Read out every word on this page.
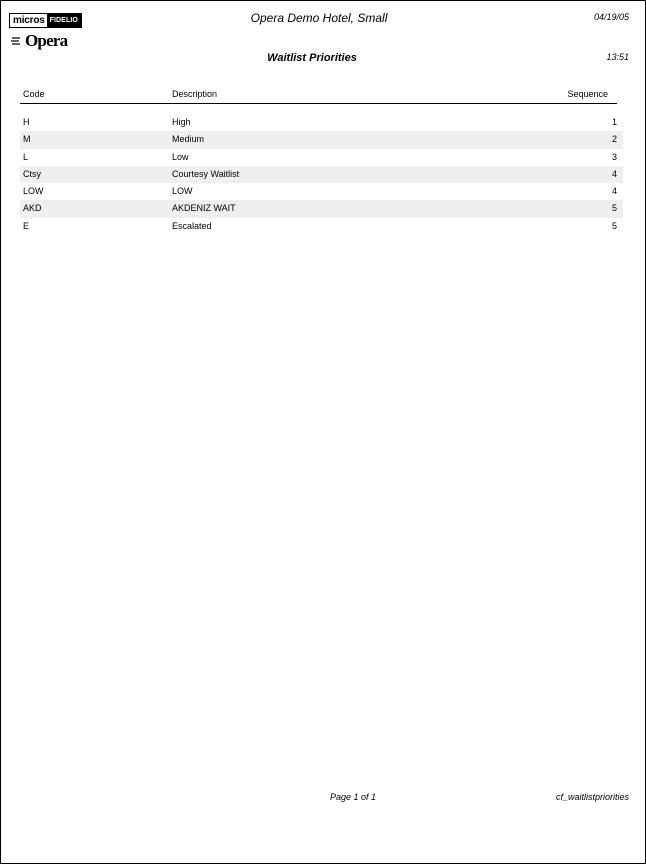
micros FIDELIO
Opera
Opera Demo Hotel, Small	04/19/05
Waitlist Priorities	13:51
Code	Description	Sequence
H	High	1
M	Medium	2
L	Low	3
Ctsy	Courtesy Waitlist	4
LOW	LOW	4
AKD	AKDENIZ WAIT	5
E	Escalated	5
Page 1 of 1	cf_waitlistpriorities
